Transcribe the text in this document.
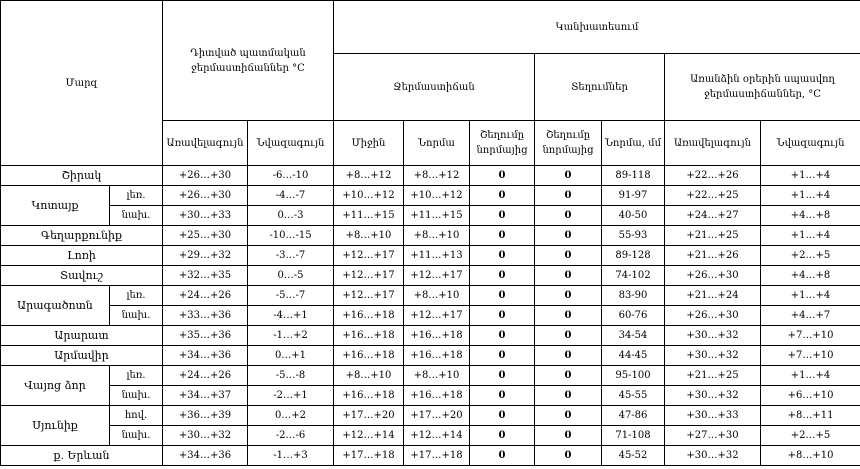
Մարզ		Դիտված պատմական ջերմաստիճաններ °C		Կանխատեսում						
				Ջերմաստիճան			Տեղումներ		Առանձին օրերին սպասվող ջերմաստիճաններ, °C	
		Առավելագույն	Նվազագույն	Միջին	Նորմա	Շեղումը նորմայից	Շեղումը նորմայից	Նորմա, մմ	Առավելագույն	Նվազագույն
Շիրակ		+26…+30	-6…-10	+8…+12	+8…+12	0	0	89-118	+22…+26	+1…+4
Կոտայք	լեռ.	+26…+30	-4…-7	+10…+12	+10…+12	0	0	91-97	+22…+25	+1…+4
	նախ.	+30…+33	0…-3	+11…+15	+11…+15	0	0	40-50	+24…+27	+4…+8
Գեղարքունիք		+25…+30	-10…-15	+8…+10	+8…+10	0	0	55-93	+21…+25	+1…+4
Լոռի		+29…+32	-3…-7	+12…+17	+11…+13	0	0	89-128	+21…+26	+2…+5
Տավուշ		+32…+35	0…-5	+12…+17	+12…+17	0	0	74-102	+26…+30	+4…+8
Արագածոտն	լեռ.	+24…+26	-5…-7	+12…+17	+8…+10	0	0	83-90	+21…+24	+1…+4
	նախ.	+33…+36	-4…+1	+16…+18	+12…+17	0	0	60-76	+26…+30	+4…+7
Արարատ		+35…+36	-1…+2	+16…+18	+16…+18	0	0	34-54	+30…+32	+7…+10
Արմավիր		+34…+36	0…+1	+16…+18	+16…+18	0	0	44-45	+30…+32	+7…+10
Վայոց ձոր	լեռ.	+24…+26	-5…-8	+8…+10	+8…+10	0	0	95-100	+21…+25	+1…+4
	նախ.	+34…+37	-2…+1	+16…+18	+16…+18	0	0	45-55	+30…+32	+6…+10
Սյունիք	հով.	+36…+39	0…+2	+17…+20	+17…+20	0	0	47-86	+30…+33	+8…+11
	նախ.	+30…+32	-2…-6	+12…+14	+12…+14	0	0	71-108	+27…+30	+2…+5
ք. Երևան		+34…+36	-1…+3	+17…+18	+17…+18	0	0	45-52	+30…+32	+8…+10
